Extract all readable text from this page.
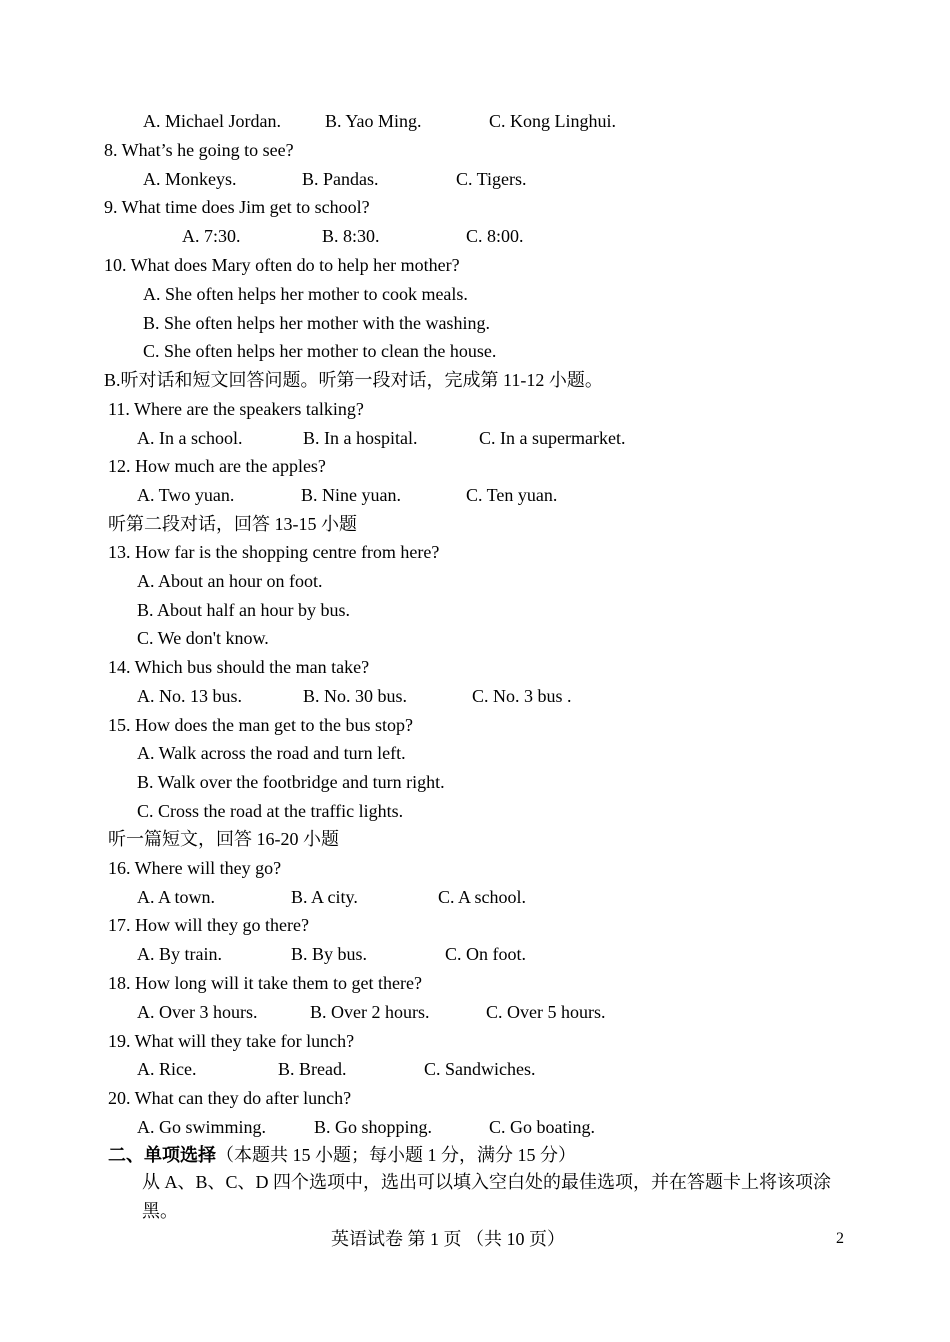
A. Michael Jordan. B. Yao Ming.	C. Kong Linghui.
8. What’s he going to see?
A. Monkeys.	B. Pandas.	C. Tigers.
9. What time does Jim get to school?
A. 7:30.	B. 8:30.	C. 8:00.
10. What does Mary often do to help her mother?
A. She often helps her mother to cook meals.
B. She often helps her mother with the washing.
C. She often helps her mother to clean the house.
B.听对话和短文回答问题。听第一段对话，完成第 11-12 小题。
11. Where are the speakers talking?
A. In a school.	B. In a hospital.	C. In a supermarket.
12. How much are the apples?
A. Two yuan.	B. Nine yuan.	C. Ten yuan.
听第二段对话，回答 13-15 小题
13. How far is the shopping centre from here?
A. About an hour on foot.
B. About half an hour by bus.
C. We don't know.
14. Which bus should the man take?
A. No. 13 bus.	B. No. 30 bus.	C. No. 3 bus .
15. How does the man get to the bus stop?
A. Walk across the road and turn left.
B. Walk over the footbridge and turn right.
C. Cross the road at the traffic lights.
听一篇短文，回答 16-20 小题
16. Where will they go?
A. A town.	B. A city.	C. A school.
17. How will they go there?
A. By train.	B. By bus.	C. On foot.
18. How long will it take them to get there?
A. Over 3 hours.	B. Over 2 hours.	C. Over 5 hours.
19. What will they take for lunch?
A. Rice.	B. Bread.	C. Sandwiches.
20. What can they do after lunch?
A. Go swimming.	B. Go shopping.	C. Go boating.
二、单项选择（本题共 15 小题；每小题 1 分，满分 15 分）
从 A、B、C、D 四个选项中，选出可以填入空白处的最佳选项，并在答题卡上将该项涂黑。
英语试卷 第 1 页 （共 10 页）	2
